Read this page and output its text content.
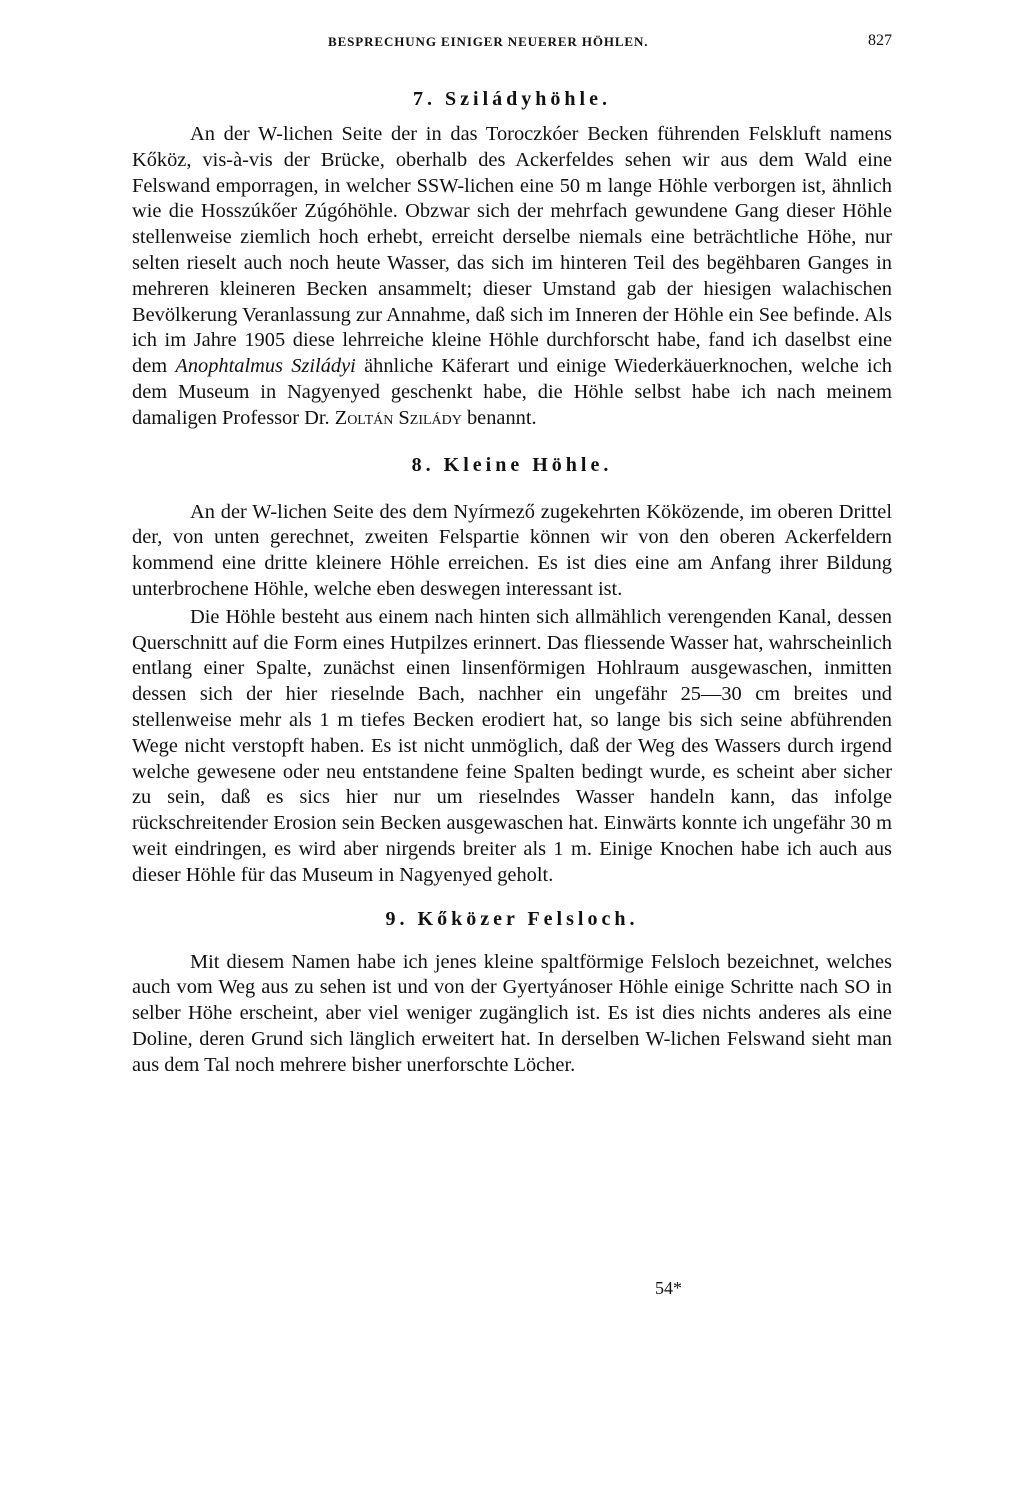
BESPRECHUNG EINIGER NEUERER HÖHLEN.	827
7. Sziládyhöhle.

An der W-lichen Seite der in das Toroczkóer Becken führenden Felskluft namens Kőköz, vis-à-vis der Brücke, oberhalb des Ackerfeldes sehen wir aus dem Wald eine Felswand emporragen, in welcher SSW-lichen eine 50 m lange Höhle verborgen ist, ähnlich wie die Hosszúkőer Zúgóhöhle. Obzwar sich der mehrfach gewundene Gang dieser Höhle stellenweise ziemlich hoch erhebt, erreicht derselbe niemals eine beträchtliche Höhe, nur selten rieselt auch noch heute Wasser, das sich im hinteren Teil des begëhbaren Ganges in mehreren kleineren Becken ansammelt; dieser Umstand gab der hiesigen walachischen Bevölkerung Veranlassung zur Annahme, daß sich im Inneren der Höhle ein See befinde. Als ich im Jahre 1905 diese lehrreiche kleine Höhle durchforscht habe, fand ich daselbst eine dem Anophtalmus Sziládyi ähnliche Käferart und einige Wiederkäuerknochen, welche ich dem Museum in Nagyenyed geschenkt habe, die Höhle selbst habe ich nach meinem damaligen Professor Dr. Zoltán Szilády benannt.

8. Kleine Höhle.

An der W-lichen Seite des dem Nyírmező zugekehrten Köközende, im oberen Drittel der, von unten gerechnet, zweiten Felspartie können wir von den oberen Ackerfeldern kommend eine dritte kleinere Höhle erreichen. Es ist dies eine am Anfang ihrer Bildung unterbrochene Höhle, welche eben deswegen interessant ist.

Die Höhle besteht aus einem nach hinten sich allmählich verengenden Kanal, dessen Querschnitt auf die Form eines Hutpilzes erinnert. Das fliessende Wasser hat, wahrscheinlich entlang einer Spalte, zunächst einen linsenförmigen Hohlraum ausgewaschen, inmitten dessen sich der hier rieselnde Bach, nachher ein ungefähr 25—30 cm breites und stellenweise mehr als 1 m tiefes Becken erodiert hat, so lange bis sich seine abführenden Wege nicht verstopft haben. Es ist nicht unmöglich, daß der Weg des Wassers durch irgend welche gewesene oder neu entstandene feine Spalten bedingt wurde, es scheint aber sicher zu sein, daß es sics hier nur um rieselndes Wasser handeln kann, das infolge rückschreitender Erosion sein Becken ausgewaschen hat. Einwärts konnte ich ungefähr 30 m weit eindringen, es wird aber nirgends breiter als 1 m. Einige Knochen habe ich auch aus dieser Höhle für das Museum in Nagyenyed geholt.

9. Kőközer Felsloch.

Mit diesem Namen habe ich jenes kleine spaltförmige Felsloch bezeichnet, welches auch vom Weg aus zu sehen ist und von der Gyertyánoser Höhle einige Schritte nach SO in selber Höhe erscheint, aber viel weniger zugänglich ist. Es ist dies nichts anderes als eine Doline, deren Grund sich länglich erweitert hat. In derselben W-lichen Felswand sieht man aus dem Tal noch mehrere bisher unerforschte Löcher.

54*
